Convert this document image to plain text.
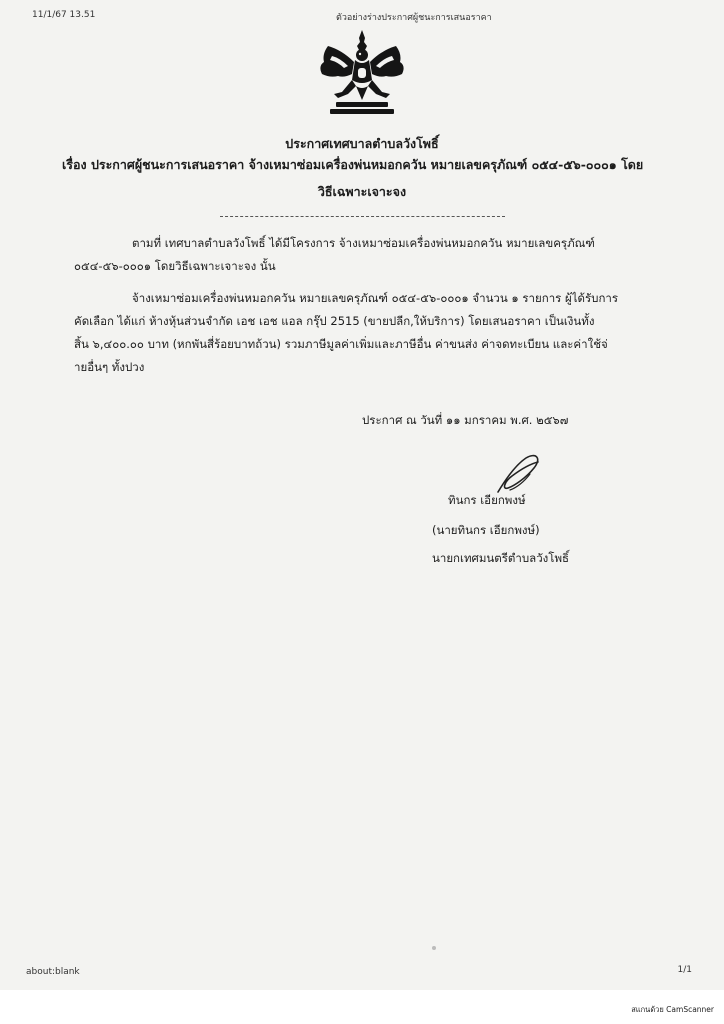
11/1/67 13.51	ตัวอย่างร่างประกาศผู้ชนะการเสนอราคา
ประกาศเทศบาลตำบลวังโพธิ์
เรื่อง ประกาศผู้ชนะการเสนอราคา จ้างเหมาซ่อมเครื่องพ่นหมอกควัน หมายเลขครุภัณฑ์ ๐๕๔-๕๖-๐๐๐๑ โดย
วิธีเฉพาะเจาะจง
ตามที่ เทศบาลตำบลวังโพธิ์ ได้มีโครงการ จ้างเหมาซ่อมเครื่องพ่นหมอกควัน หมายเลขครุภัณฑ์
๐๕๔-๕๖-๐๐๐๑ โดยวิธีเฉพาะเจาะจง นั้น
จ้างเหมาซ่อมเครื่องพ่นหมอกควัน หมายเลขครุภัณฑ์ ๐๕๔-๕๖-๐๐๐๑ จำนวน ๑ รายการ ผู้ได้รับการ
คัดเลือก ได้แก่ ห้างหุ้นส่วนจำกัด เอช เอช แอล กรุ๊ป 2515 (ขายปลีก,ให้บริการ) โดยเสนอราคา เป็นเงินทั้ง
สิ้น ๖,๔๐๐.๐๐ บาท (หกพันสี่ร้อยบาทถ้วน) รวมภาษีมูลค่าเพิ่มและภาษีอื่น ค่าขนส่ง ค่าจดทะเบียน และค่าใช้จ่
ายอื่นๆ ทั้งปวง
ประกาศ ณ วันที่ ๑๑ มกราคม พ.ศ. ๒๕๖๗
ทินกร เอียกพงษ์
(นายทินกร เอียกพงษ์)
นายกเทศมนตรีตำบลวังโพธิ์
about:blank	1/1
สแกนด้วย CamScanner
